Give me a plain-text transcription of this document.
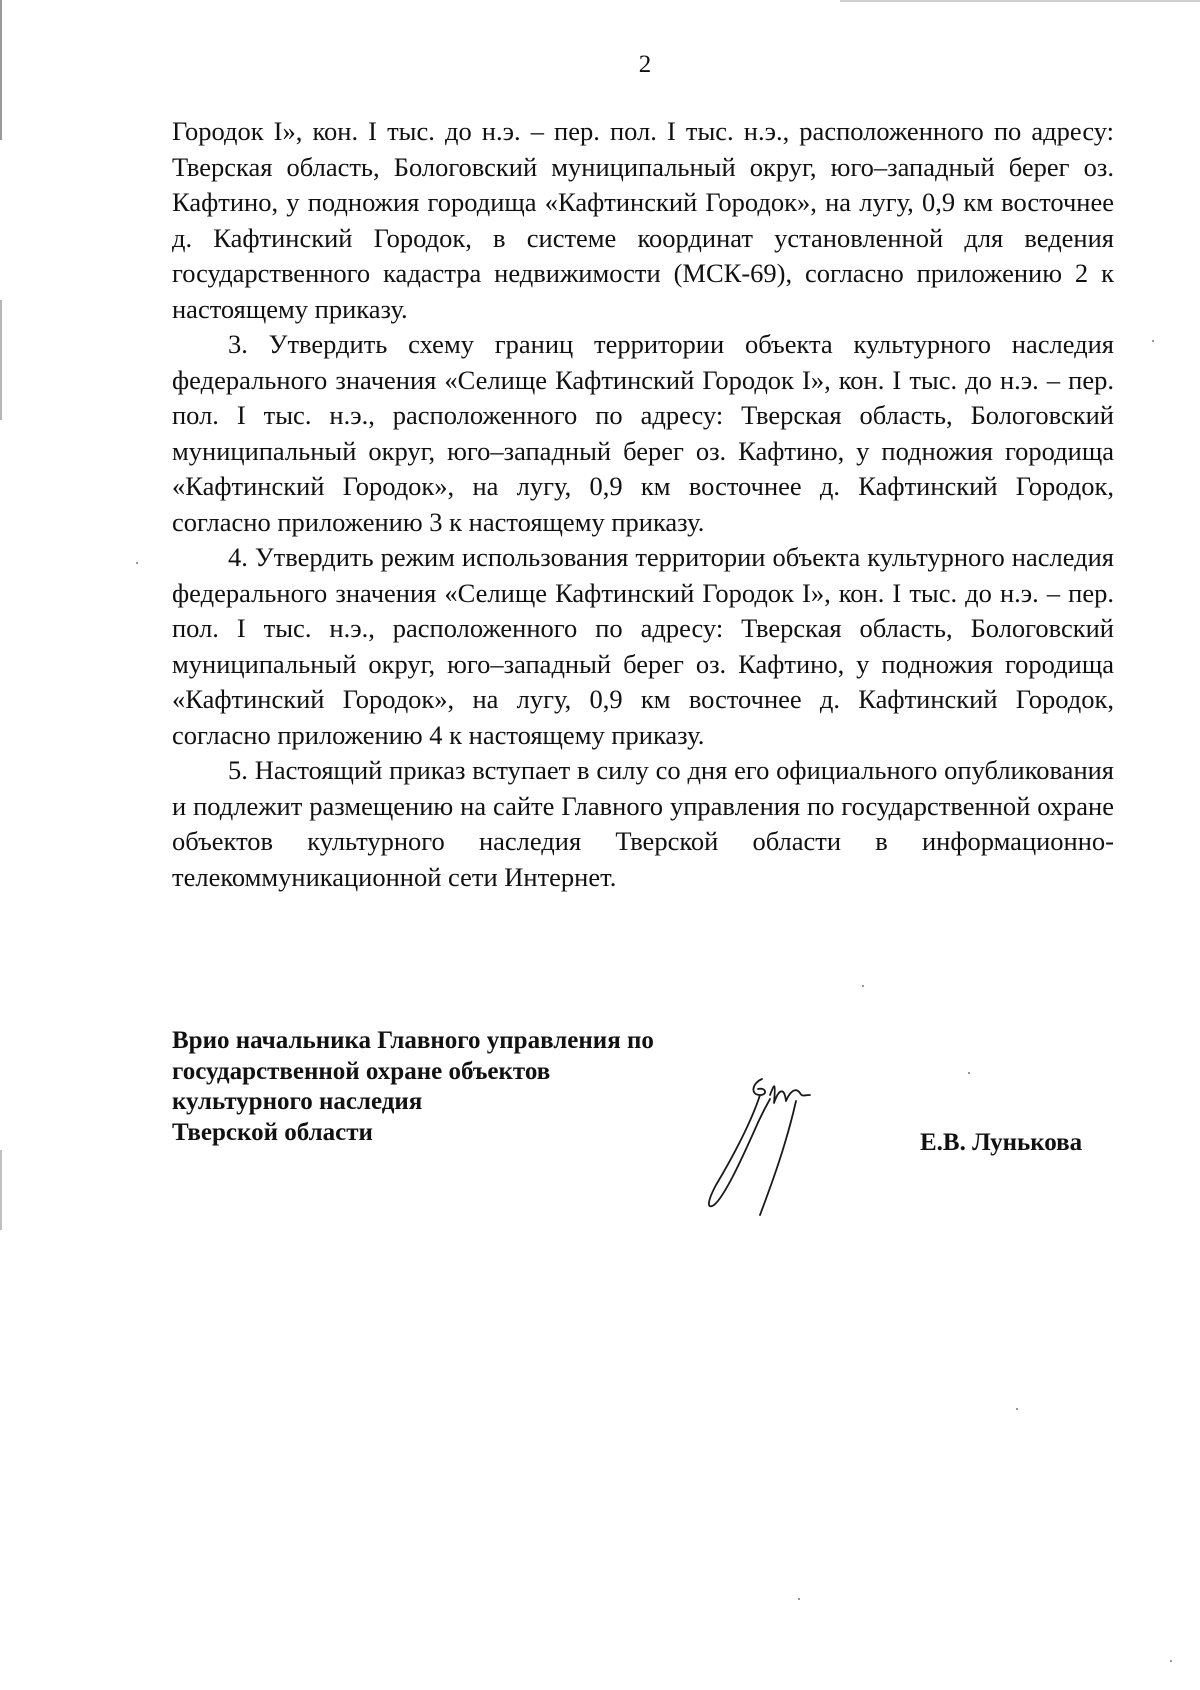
2

Городок I», кон. I тыс. до н.э. – пер. пол. I тыс. н.э., расположенного по адресу: Тверская область, Бологовский муниципальный округ, юго–западный берег оз. Кафтино, у подножия городища «Кафтинский Городок», на лугу, 0,9 км восточнее д. Кафтинский Городок, в системе координат установленной для ведения государственного кадастра недвижимости (МСК-69), согласно приложению 2 к настоящему приказу.

3. Утвердить схему границ территории объекта культурного наследия федерального значения «Селище Кафтинский Городок I», кон. I тыс. до н.э. – пер. пол. I тыс. н.э., расположенного по адресу: Тверская область, Бологовский муниципальный округ, юго–западный берег оз. Кафтино, у подножия городища «Кафтинский Городок», на лугу, 0,9 км восточнее д. Кафтинский Городок, согласно приложению 3 к настоящему приказу.

4. Утвердить режим использования территории объекта культурного наследия федерального значения «Селище Кафтинский Городок I», кон. I тыс. до н.э. – пер. пол. I тыс. н.э., расположенного по адресу: Тверская область, Бологовский муниципальный округ, юго–западный берег оз. Кафтино, у подножия городища «Кафтинский Городок», на лугу, 0,9 км восточнее д. Кафтинский Городок, согласно приложению 4 к настоящему приказу.

5. Настоящий приказ вступает в силу со дня его официального опубликования и подлежит размещению на сайте Главного управления по государственной охране объектов культурного наследия Тверской области в информационно-телекоммуникационной сети Интернет.

Врио начальника Главного управления по
государственной охране объектов
культурного наследия
Тверской области	Е.В. Лунькова
